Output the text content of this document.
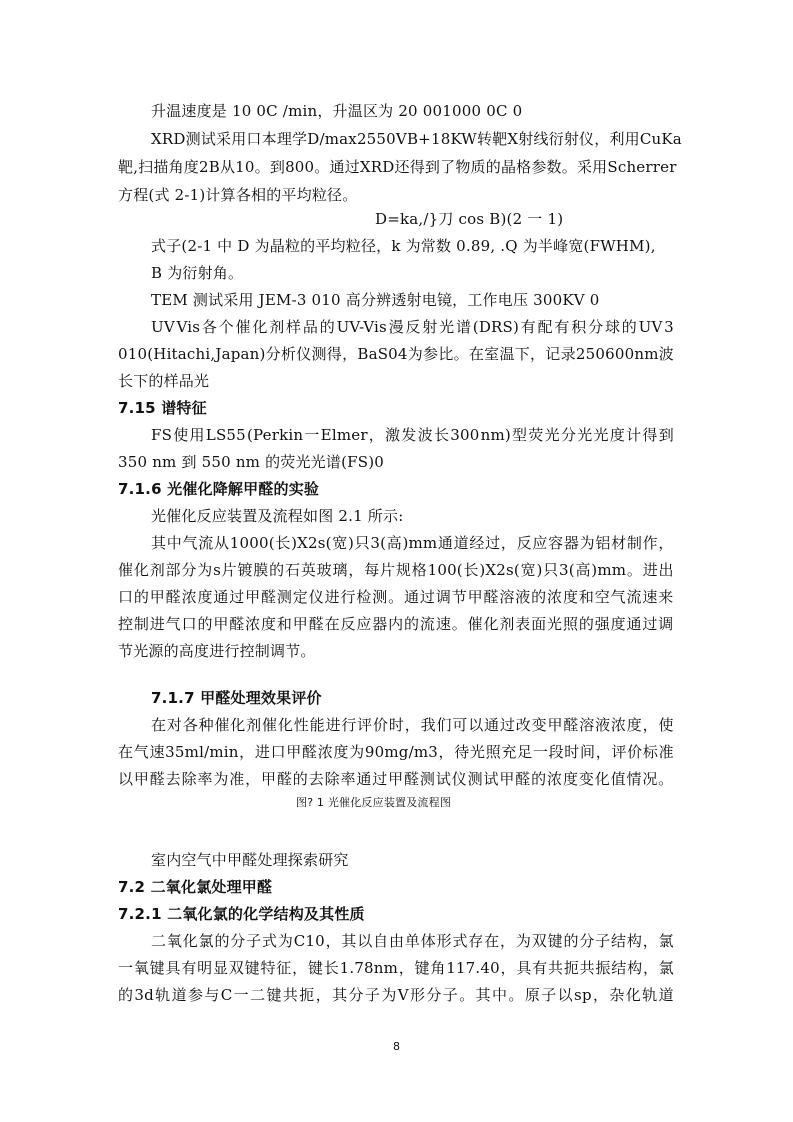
升温速度是 10 0C /min，升温区为 20 001000 0C 0
XRD 测 试 采 用 口 本 理 学 D/max2550VB + 18KW 转 靶 X 射 线 衍 射 仪 ， 利 用 Cu Ka
靶 , 扫 描 角 度 2B 从 10 。 到 800 。 通 过 XRD 还 得 到 了 物 质 的 晶 格 参 数 。 采 用 S cherrer
方程(式 2-1)计算各相的平均粒径。
D=ka,/}刀 cos B)(2 一 1)
式子(2-1 中 D 为晶粒的平均粒径，k 为常数 0.89, .Q 为半峰宽(FWHM),
B 为衍射角。
TEM 测试采用 JEM-3 010 高分辨透射电镜，工作电压 300KV 0
UV Vis 各 个 催 化 剂 样 品 的 UV-Vis 漫 反 射 光 谱 (DRS) 有 配 有 积 分 球 的 UV 3
010(Hitachi,Japan) 分 析 仪 测 得 ， BaS04 为 参 比 。 在 室 温 下 ， 记 录 250600 nm 波
长下的样品光
7.15 谱特征
FS 使 用 LS55 (Perkin 一 Elmer ， 激 发 波 长 300 nm) 型 荧 光 分 光 光 度 计 得 到
350 nm 到 550 nm 的荧光光谱(FS)0
7.1.6 光催化降解甲醛的实验
光催化反应装置及流程如图 2.1 所示:
其 中 气 流 从 1000( 长 )X2s( 宽 ) 只 3( 高 )mm 通 道 经 过 ， 反 应 容 器 为 铝 材 制 作 ，
催 化 剂 部 分 为 s 片 镀 膜 的 石 英 玻 璃 ， 每 片 规 格 100( 长 )X2s( 宽 ) 只 3( 高 )mm 。 进 出
口 的 甲 醛 浓 度 通 过 甲 醛 测 定 仪 进 行 检 测 。 通 过 调 节 甲 醛 溶 液 的 浓 度 和 空 气 流 速 来
控 制 进 气 口 的 甲 醛 浓 度 和 甲 醛 在 反 应 器 内 的 流 速 。 催 化 剂 表 面 光 照 的 强 度 通 过 调
节光源的高度进行控制调节。
7.1.7 甲醛处理效果评价
在 对 各 种 催 化 剂 催 化 性 能 进 行 评 价 时 ， 我 们 可 以 通 过 改 变 甲 醛 溶 液 浓 度 ， 使
在 气 速 35ml/min ， 进 口 甲 醛 浓 度 为 90mg/m3 ， 待 光 照 充 足 一 段 时 间 ， 评 价 标 准
以 甲 醛 去 除 率 为 准 ， 甲 醛 的 去 除 率 通 过 甲 醛 测 试 仪 测 试 甲 醛 的 浓 度 变 化 值 情 况 。
图? 1 光催化反应装置及流程图
室内空气中甲醛处理探索研究
7.2 二氧化氯处理甲醛
7.2.1 二氧化氯的化学结构及其性质
二 氧 化 氯 的 分 子 式 为 C10 ， 其 以 自 由 单 体 形 式 存 在 ， 为 双 键 的 分 子 结 构 ， 氯
一 氧 键 具 有 明 显 双 键 特 征 ， 键 长 1.78nm ， 键 角 117.40 ， 具 有 共 扼 共 振 结 构 ， 氯
的 3d 轨 道 参 与 C 一 二 键 共 扼 ， 其 分 子 为 V 形 分 子 。 其 中 。 原 子 以 sp ， 杂 化 轨 道
8
